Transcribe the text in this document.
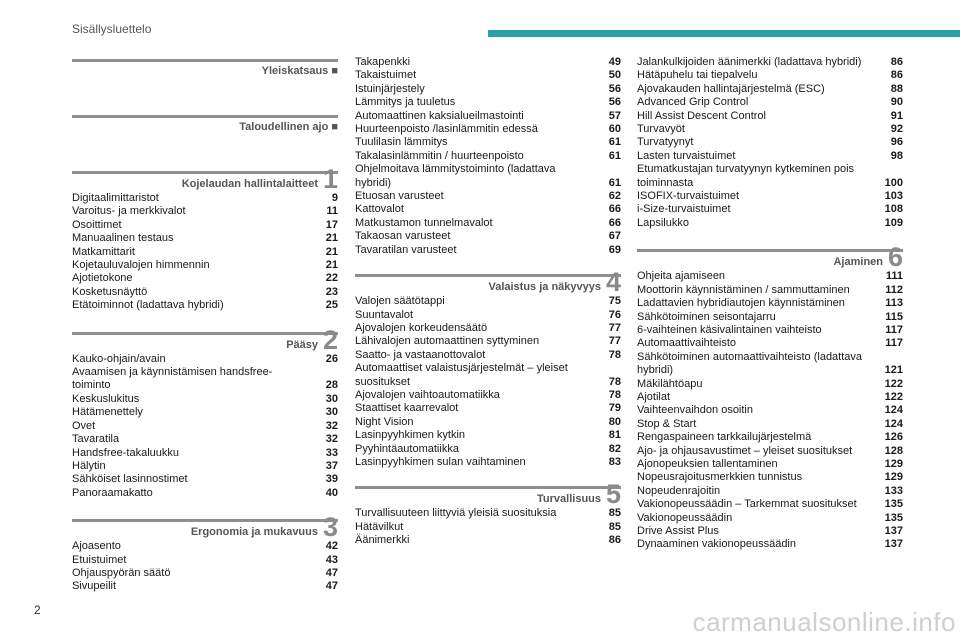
Sisällysluettelo
Yleiskatsaus ■
Taloudellinen ajo ■
Kojelaudan hallintalaitteet 1
Digitaalimittaristot	9
Varoitus- ja merkkivalot	11
Osoittimet	17
Manuaalinen testaus	21
Matkamittarit	21
Kojetauluvalojen himmennin	21
Ajotietokone	22
Kosketusnäyttö	23
Etätoiminnot (ladattava hybridi)	25
Pääsy 2
Kauko-ohjain/avain	26
Avaamisen ja käynnistämisen handsfree-toiminto	28
Keskuslukitus	30
Hätämenettely	30
Ovet	32
Tavaratila	32
Handsfree-takaluukku	33
Hälytin	37
Sähköiset lasinnostimet	39
Panoraamakatto	40
Ergonomia ja mukavuus 3
Ajoasento	42
Etuistuimet	43
Ohjauspyörän säätö	47
Sivupeilit	47
Takapenkki	49
Takaistuimet	50
Istuinjärjestely	56
Lämmitys ja tuuletus	56
Automaattinen kaksialueilmastointi	57
Huurteenpoisto /lasinlämmitin edessä	60
Tuulilasin lämmitys	61
Takalasinlämmitin / huurteenpoisto	61
Ohjelmoitava lämmitystoiminto (ladattava hybridi)	61
Etuosan varusteet	62
Kattovalot	66
Matkustamon tunnelmavalot	66
Takaosan varusteet	67
Tavaratilan varusteet	69
Valaistus ja näkyvyys 4
Valojen säätötappi	75
Suuntavalot	76
Ajovalojen korkeudensäätö	77
Lähivalojen automaattinen syttyminen	77
Saatto- ja vastaanottovalot	78
Automaattiset valaistusjärjestelmät – yleiset suositukset	78
Ajovalojen vaihtoautomatiikka	78
Staattiset kaarrevalot	79
Night Vision	80
Lasinpyyhkimen kytkin	81
Pyyhintäautomatiikka	82
Lasinpyyhkimen sulan vaihtaminen	83
Turvallisuus 5
Turvallisuuteen liittyviä yleisiä suosituksia	85
Hätävilkut	85
Äänimerkki	86
Jalankulkijoiden äänimerkki (ladattava hybridi)	86
Hätäpuhelu tai tiepalvelu	86
Ajovakauden hallintajärjestelmä (ESC)	88
Advanced Grip Control	90
Hill Assist Descent Control	91
Turvavyöt	92
Turvatyynyt	96
Lasten turvaistuimet	98
Etumatkustajan turvatyynyn kytkeminen pois toiminnasta	100
ISOFIX-turvaistuimet	103
i-Size-turvaistuimet	108
Lapsilukko	109
Ajaminen 6
Ohjeita ajamiseen	111
Moottorin käynnistäminen / sammuttaminen	112
Ladattavien hybridiautojen käynnistäminen	113
Sähkötoiminen seisontajarru	115
6-vaihteinen käsivalintainen vaihteisto	117
Automaattivaihteisto	117
Sähkötoiminen automaattivaihteisto (ladattava hybridi)	121
Mäkilähtöapu	122
Ajotilat	122
Vaihteenvaihdon osoitin	124
Stop & Start	124
Rengaspaineen tarkkailujärjestelmä	126
Ajo- ja ohjausavustimet – yleiset suositukset	128
Ajonopeuksien tallentaminen	129
Nopeusrajoitusmerkkien tunnistus	129
Nopeudenrajoitin	133
Vakionopeussäädin – Tarkemmat suositukset	135
Vakionopeussäädin	135
Drive Assist Plus	137
Dynaaminen vakionopeussäädin	137
2	carmanualsonline.info
